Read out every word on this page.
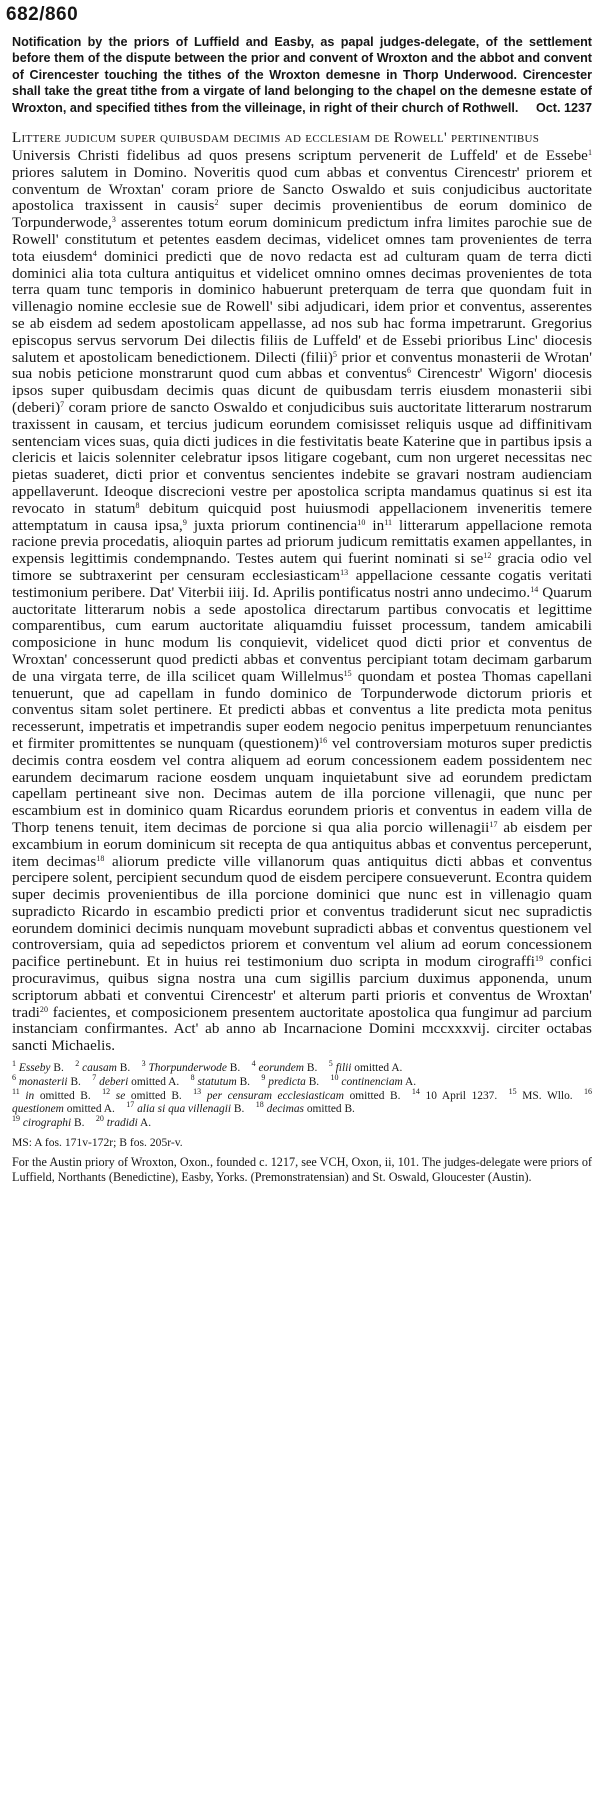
682/860
Notification by the priors of Luffield and Easby, as papal judges-delegate, of the settlement before them of the dispute between the prior and convent of Wroxton and the abbot and convent of Cirencester touching the tithes of the Wroxton demesne in Thorp Underwood. Cirencester shall take the great tithe from a virgate of land belonging to the chapel on the demesne estate of Wroxton, and specified tithes from the villeinage, in right of their church of Rothwell. Oct. 1237
Littere judicum super quibusdam decimis ad ecclesiam de Rowell' pertinentibus

Universis Christi fidelibus ad quos presens scriptum pervenerit de Luffeld' et de Essebe$^1$ priores salutem in Domino. Noveritis quod cum abbas et conventus Cirencestr' priorem et conventum de Wroxtan' coram priore de Sancto Oswaldo et suis conjudicibus auctoritate apostolica traxissent in causis$^2$ super decimis provenientibus de eorum dominico de Torpunderwode,$^3$ asserentes totum eorum dominicum predictum infra limites parochie sue de Rowell' constitutum et petentes easdem decimas, videlicet omnes tam provenientes de terra tota eiusdem$^4$ dominici predicti que de novo redacta est ad culturam quam de terra dicti dominici alia tota cultura antiquitus et videlicet omnino omnes decimas provenientes de tota terra quam tunc temporis in dominico habuerunt preterquam de terra que quondam fuit in villenagio nomine ecclesie sue de Rowell' sibi adjudicari, idem prior et conventus, asserentes se ab eisdem ad sedem apostolicam appellasse, ad nos sub hac forma impetrarunt. Gregorius episcopus servus servorum Dei dilectis filiis de Luffeld' et de Essebi prioribus Linc' diocesis salutem et apostolicam benedictionem. Dilecti (filii)$^5$ prior et conventus monasterii de Wrotan' sua nobis peticione monstrarunt quod cum abbas et conventus$^6$ Cirencestr' Wigorn' diocesis ipsos super quibusdam decimis quas dicunt de quibusdam terris eiusdem monasterii sibi (deberi)$^7$ coram priore de sancto Oswaldo et conjudicibus suis auctoritate litterarum nostrarum traxissent in causam, et tercius judicum eorundem comisisset reliquis usque ad diffinitivam sentenciam vices suas, quia dicti judices in die festivitatis beate Katerine que in partibus ipsis a clericis et laicis solenniter celebratur ipsos litigare cogebant, cum non urgeret necessitas nec pietas suaderet, dicti prior et conventus sencientes indebite se gravari nostram audienciam appellaverunt. Ideoque discrecioni vestre per apostolica scripta mandamus quatinus si est ita revocato in statum$^8$ debitum quicquid post huiusmodi appellacionem inveneritis temere attemptatum in causa ipsa,$^9$ juxta priorum continencia$^{10}$ $in^{11}$ litterarum appellacione remota racione previa procedatis, alioquin partes ad priorum judicum remittatis examen appellantes, in expensis legittimis condempnando. Testes autem qui fuerint nominati si $se^{12}$ gracia odio vel timore se subtraxerint per censuram ecclesiasticam$^{13}$ appellacione cessante cogatis veritati testimonium peribere. Dat' Viterbii iiij. Id. Aprilis pontificatus nostri anno undecimo.$^{14}$ Quarum auctoritate litterarum nobis a sede apostolica directarum partibus convocatis et legittime comparentibus, cum earum auctoritate aliquamdiu fuisset processum, tandem amicabili composicione in hunc modum lis conquievit, videlicet quod dicti prior et conventus de Wroxtan' concesserunt quod predicti abbas et conventus percipiant totam decimam garbarum de una virgata terre, de illa scilicet quam Willelmus$^{15}$ quondam et postea Thomas capellani tenuerunt, que ad capellam in fundo dominico de Torpunderwode dictorum prioris et conventus sitam solet pertinere. Et predicti abbas et conventus a lite predicta mota penitus recesserunt, impetratis et impetrandis super eodem negocio penitus imperpetuum renunciantes et firmiter promittentes se nunquam (questionem)$^{16}$ vel controversiam moturos super predictis decimis contra eosdem vel contra aliquem ad eorum concessionem eadem possidentem nec earundem decimarum racione eosdem unquam inquietabunt sive ad eorundem predictam capellam pertineant sive non. Decimas autem de illa porcione villenagii, que nunc per escambium est in dominico quam Ricardus eorundem prioris et conventus in eadem villa de Thorp tenens tenuit, item decimas de porcione si qua alia porcio willenagii$^{17}$ ab eisdem per excambium in eorum dominicum sit recepta de qua antiquitus abbas et conventus perceperunt, item decimas$^{18}$ aliorum predicte ville villanorum quas antiquitus dicti abbas et conventus percipere solent, percipient secundum quod de eisdem percipere consueverunt. Econtra quidem super decimis provenientibus de illa porcione dominici que nunc est in villenagio quam supradicto Ricardo in escambio predicti prior et conventus tradiderunt sicut nec supradictis eorundem dominici decimis nunquam movebunt supradicti abbas et conventus questionem vel controversiam, quia ad sepedictos priorem et conventum vel alium ad eorum concessionem pacifice pertinebunt. Et in huius rei testimonium duo scripta in modum cirograffi$^{19}$ confici procuravimus, quibus signa nostra una cum sigillis parcium duximus apponenda, unum scriptorum abbati et conventui Cirencestr' et alterum parti prioris et conventus de Wroxtan' tradi$^{20}$ facientes, et composicionem presentem auctoritate apostolica qua fungimur ad parcium instanciam confirmantes. Act' ab anno ab Incarnacione Domini mccxxxvij. circiter octabas sancti Michaelis.

$^1$ Esseby B.  $^2$ causam B.  $^3$ Thorpunderwode B.  $^4$ eorundem B.  $^5$ filii omitted A. 
$^6$ monasterii B.  $^7$ deberi omitted A.  $^8$ statutum B.  $^9$ predicta B.  $^{10}$ continenciam A. 
$^{11}$ in omitted B.  $^{12}$ se omitted B.  $^{13}$ per censuram ecclesiasticam omitted B.  $^{14}$ 10 April 1237.  $^{15}$ MS. Wllo.  $^{16}$ questionem omitted A.  $^{17}$ alia si qua villenagii B.  $^{18}$ decimas omitted B. 
$^{19}$ cirographi B.  $^{20}$ tradidi A. 
MS: A fos. 171v-172r; B fos. 205r-v.
For the Austin priory of Wroxton, Oxon., founded c. 1217, see VCH, Oxon, ii, 101. The judges-delegate were priors of Luffield, Northants (Benedictine), Easby, Yorks. (Premonstratensian) and St. Oswald, Gloucester (Austin).
